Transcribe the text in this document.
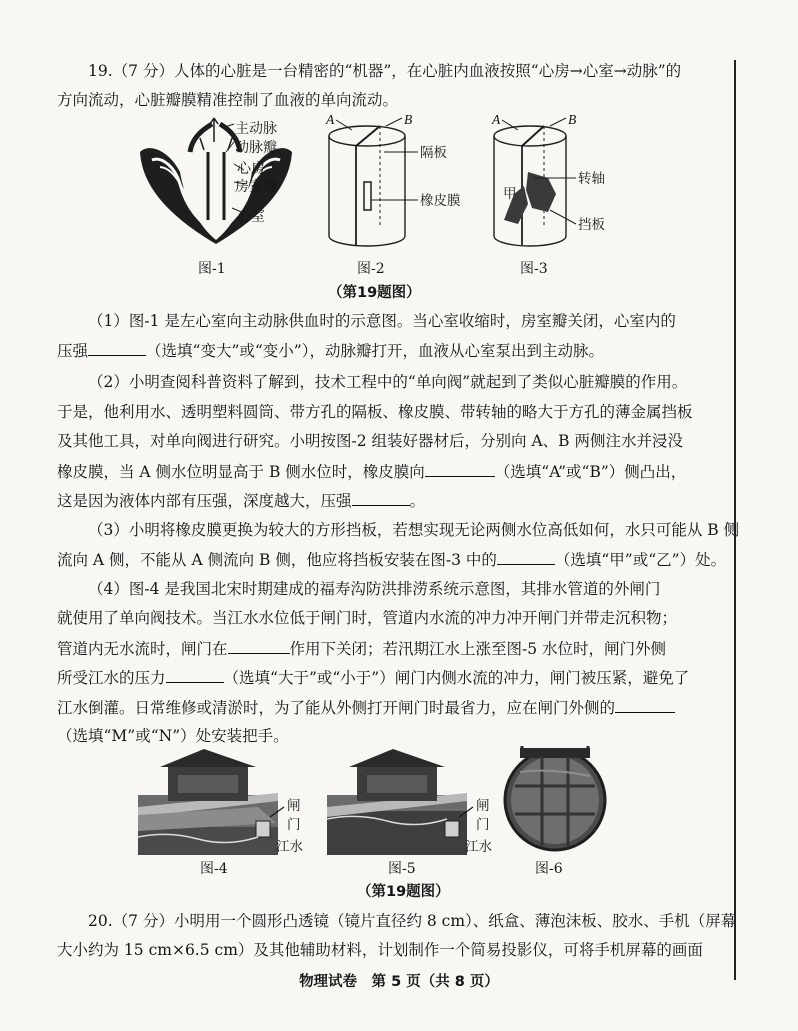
19.（7 分）人体的心脏是一台精密的“机器”，在心脏内血液按照“心房→心室→动脉”的
方向流动，心脏瓣膜精准控制了血液的单向流动。
主动脉
动脉瓣
心房
房室瓣
心室
图-1
A	B
隔板
橡皮膜
图-2
A	B
甲
转轴
挡板
图-3
（第19题图）
（1）图-1 是左心室向主动脉供血时的示意图。当心室收缩时，房室瓣关闭，心室内的
压强	（选填“变大”或“变小”），动脉瓣打开，血液从心室泵出到主动脉。
（2）小明查阅科普资料了解到，技术工程中的“单向阀”就起到了类似心脏瓣膜的作用。
于是，他利用水、透明塑料圆筒、带方孔的隔板、橡皮膜、带转轴的略大于方孔的薄金属挡板
及其他工具，对单向阀进行研究。小明按图-2 组装好器材后，分别向 A、B 两侧注水并浸没
橡皮膜，当 A 侧水位明显高于 B 侧水位时，橡皮膜向	（选填“A”或“B”）侧凸出，
这是因为液体内部有压强，深度越大，压强	。
（3）小明将橡皮膜更换为较大的方形挡板，若想实现无论两侧水位高低如何，水只可能从 B 侧
流向 A 侧，不能从 A 侧流向 B 侧，他应将挡板安装在图-3 中的	（选填“甲”或“乙”）处。
（4）图-4 是我国北宋时期建成的福寿沟防洪排涝系统示意图，其排水管道的外闸门
就使用了单向阀技术。当江水水位低于闸门时，管道内水流的冲力冲开闸门并带走沉积物；
管道内无水流时，闸门在	作用下关闭；若汛期江水上涨至图-5 水位时，闸门外侧
所受江水的压力	（选填“大于”或“小于”）闸门内侧水流的冲力，闸门被压紧，避免了
江水倒灌。日常维修或清淤时，为了能从外侧打开闸门时最省力，应在闸门外侧的
（选填“M”或“N”）处安装把手。
闸
门
江水
图-4
闸
门
江水
图-5	图-6
（第19题图）
20.（7 分）小明用一个圆形凸透镜（镜片直径约 8 cm）、纸盒、薄泡沫板、胶水、手机（屏幕
大小约为 15 cm×6.5 cm）及其他辅助材料，计划制作一个简易投影仪，可将手机屏幕的画面
物理试卷　第 5 页（共 8 页）
